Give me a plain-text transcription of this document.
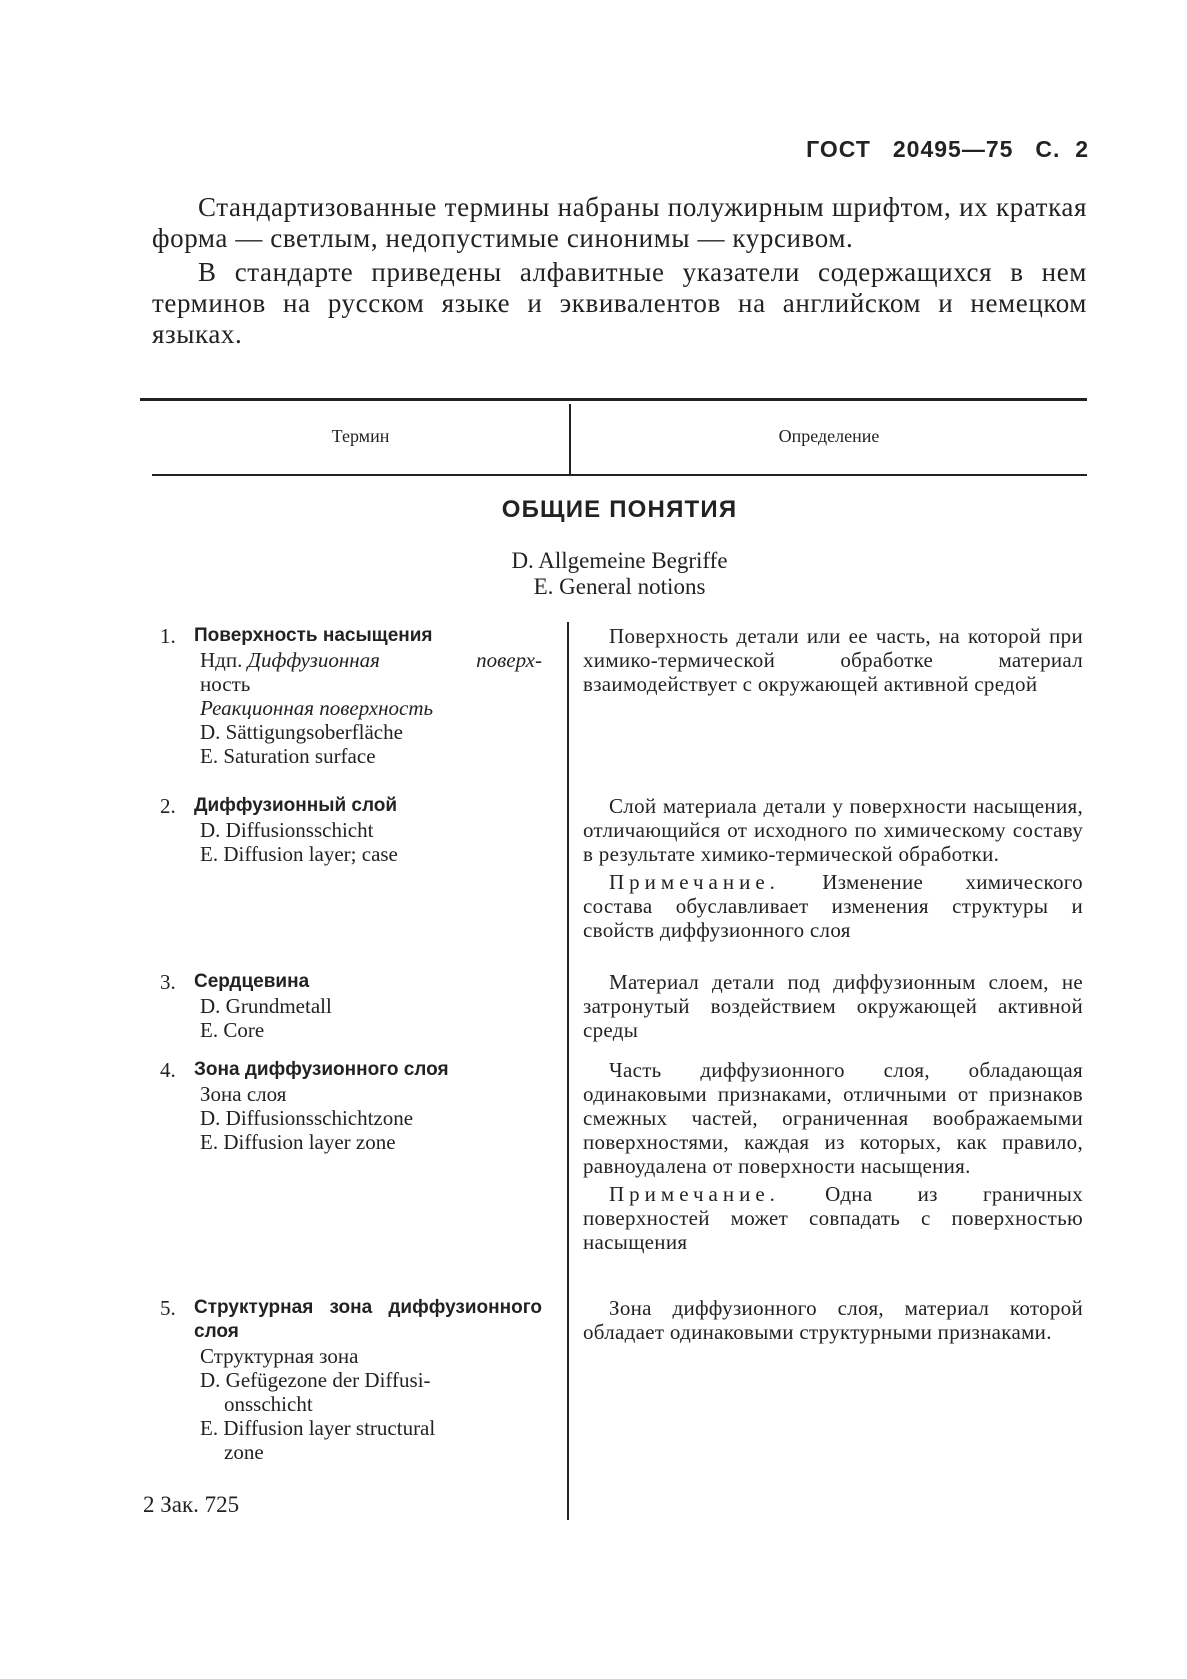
ГОСТ 20495—75 С. 2

Стандартизованные термины набраны полужирным шрифтом, их краткая форма — светлым, недопустимые синонимы — курсивом.

В стандарте приведены алфавитные указатели содержащихся в нем терминов на русском языке и эквивалентов на английском и немецком языках.

Термин	Определение
ОБЩИЕ ПОНЯТИЯ
D. Allgemeine Begriffe
E. General notions
1. Поверхность насыщения
Ндп. Диффузионная	поверх-
ность
Реакционная поверхность
D. Sättigungsoberfläche
E. Saturation surface

Поверхность детали или ее часть, на которой при химико-термической обработке материал взаимодействует с окружающей активной средой

2. Диффузионный слой
D. Diffusionsschicht
E. Diffusion layer; case

Слой материала детали у поверхности насыщения, отличающийся от исходного по химическому составу в результате химико-термической обработки.

Примечание. Изменение химического состава обуславливает изменения структуры и свойств диффузионного слоя

3. Сердцевина
D. Grundmetall
E. Core

Материал детали под диффузионным слоем, не затронутый воздействием окружающей активной среды

4. Зона диффузионного слоя
Зона слоя
D. Diffusionsschichtzone
E. Diffusion layer zone

Часть диффузионного слоя, обладающая одинаковыми признаками, отличными от признаков смежных частей, ограниченная воображаемыми поверхностями, каждая из которых, как правило, равноудалена от поверхности насыщения.

Примечание. Одна из граничных поверхностей может совпадать с поверхностью насыщения

5. Структурная зона диффузионного слоя
Структурная зона
D. Gefügezone der Diffusi-
onsschicht
E. Diffusion layer structural
zone

Зона диффузионного слоя, материал которой обладает одинаковыми структурными признаками.

2 Зак. 725
